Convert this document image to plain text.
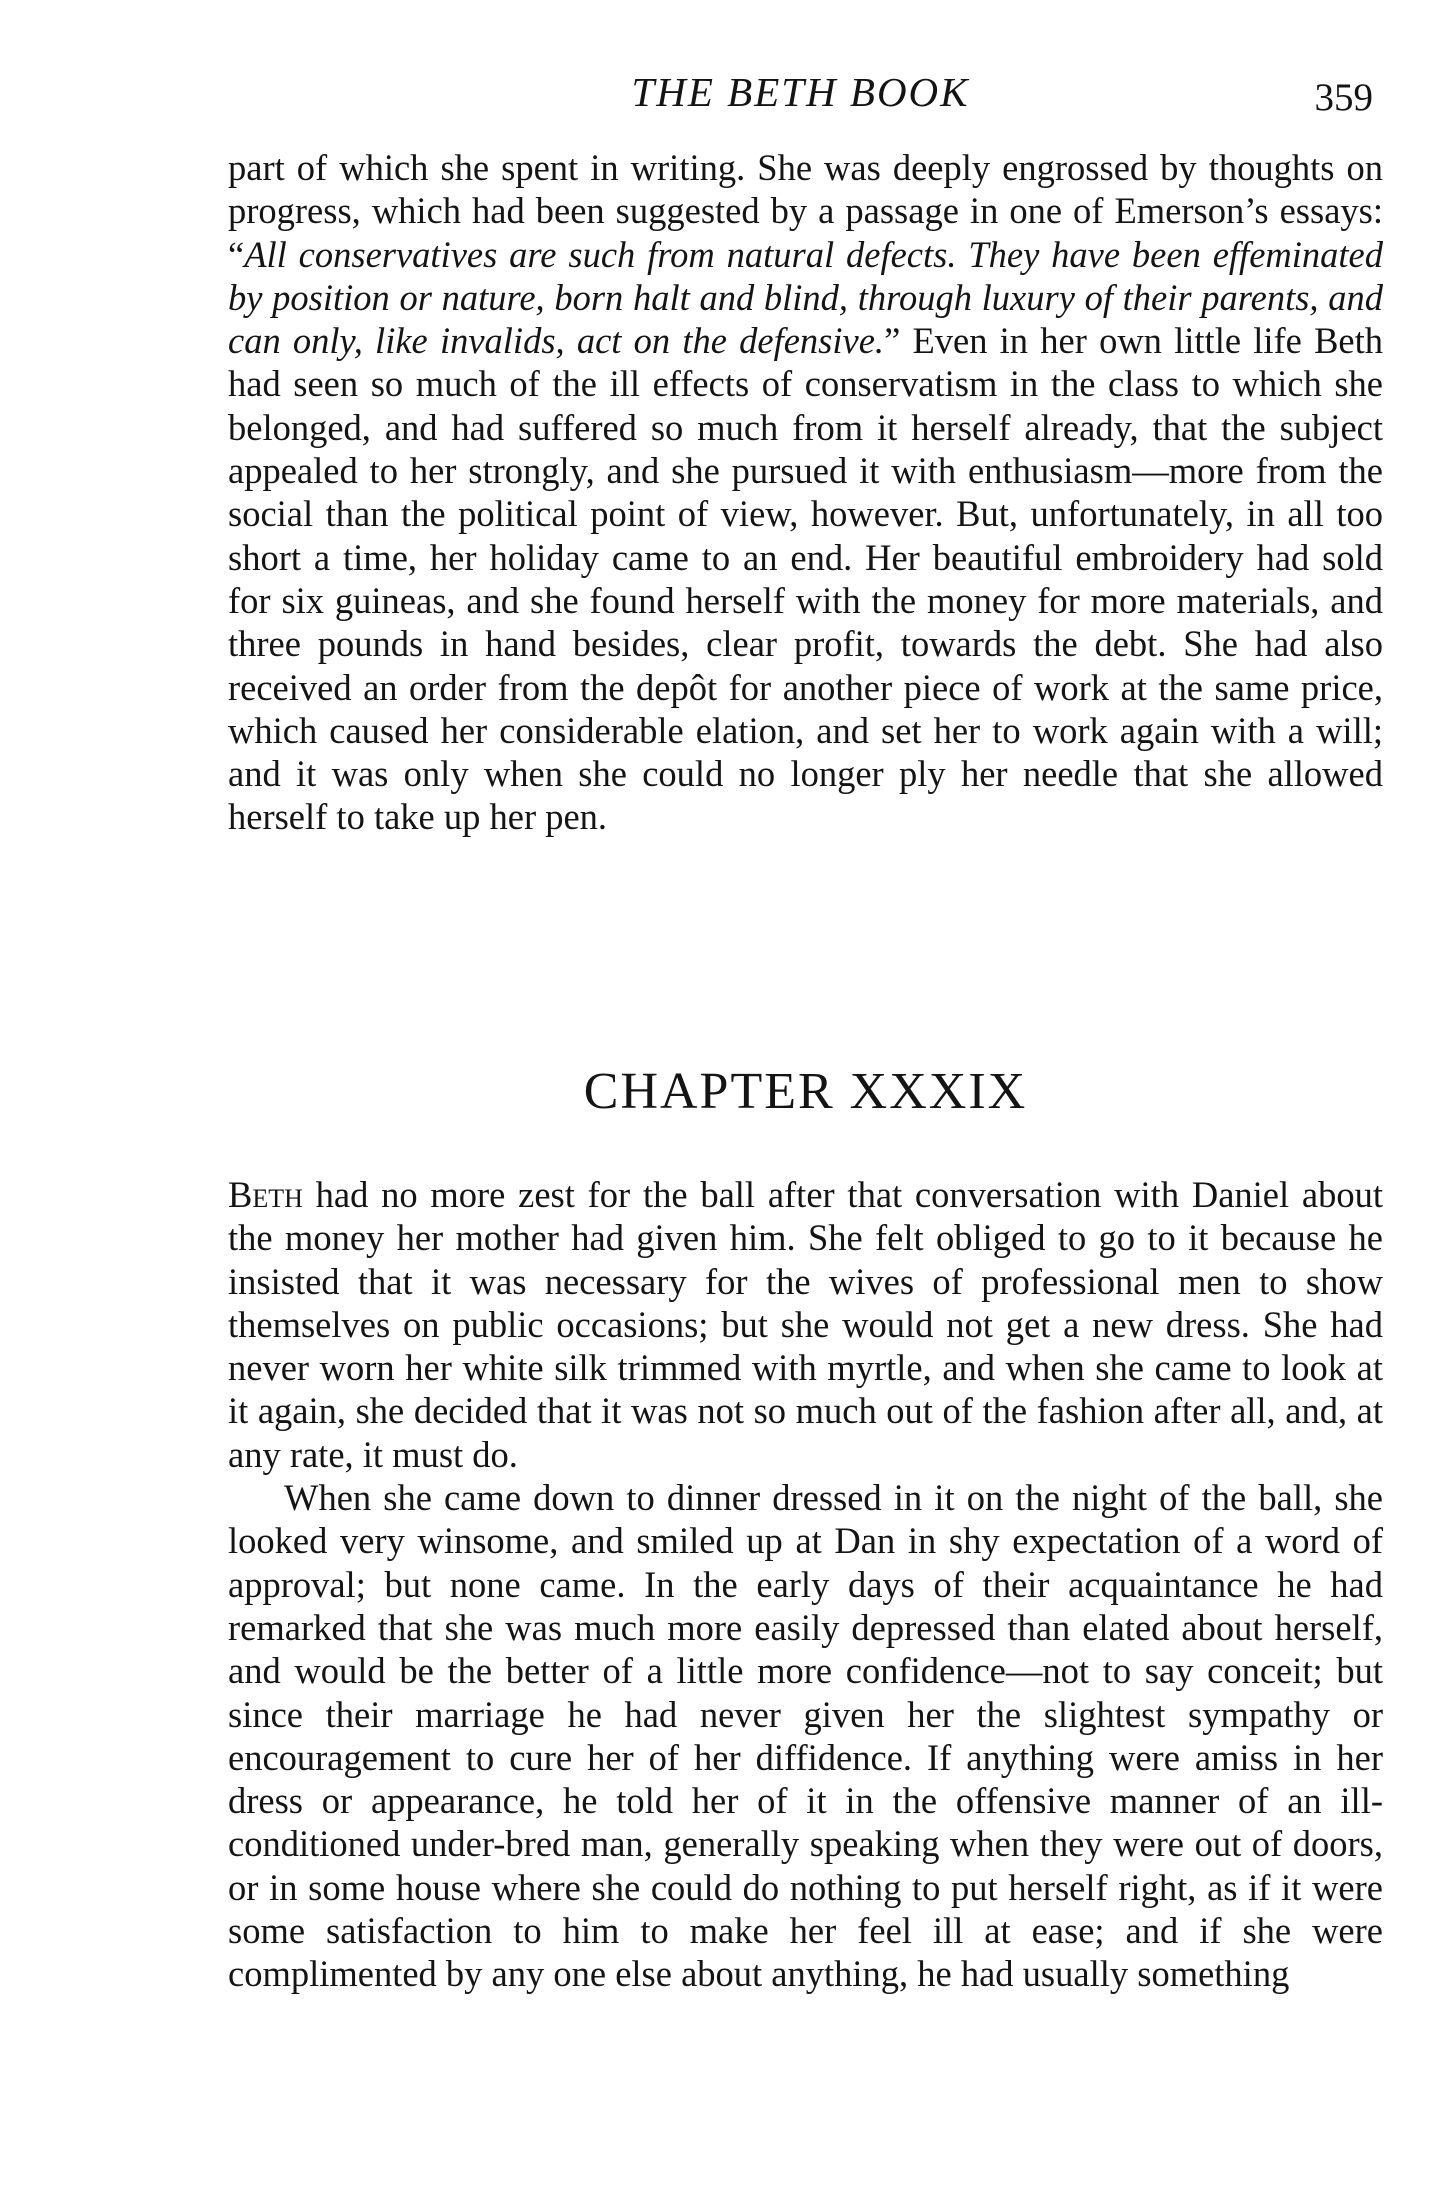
THE BETH BOOK	359

part of which she spent in writing. She was deeply engrossed by thoughts on progress, which had been suggested by a passage in one of Emerson’s essays: “All conservatives are such from natural defects. They have been effeminated by position or nature, born halt and blind, through luxury of their parents, and can only, like invalids, act on the defensive.” Even in her own little life Beth had seen so much of the ill effects of conservatism in the class to which she belonged, and had suffered so much from it herself already, that the subject appealed to her strongly, and she pursued it with enthusiasm—more from the social than the political point of view, however. But, unfortunately, in all too short a time, her holiday came to an end. Her beautiful embroidery had sold for six guineas, and she found herself with the money for more materials, and three pounds in hand besides, clear profit, towards the debt. She had also received an order from the depôt for another piece of work at the same price, which caused her considerable elation, and set her to work again with a will; and it was only when she could no longer ply her needle that she allowed herself to take up her pen.

CHAPTER XXXIX

Beth had no more zest for the ball after that conversation with Daniel about the money her mother had given him. She felt obliged to go to it because he insisted that it was necessary for the wives of professional men to show themselves on public occasions; but she would not get a new dress. She had never worn her white silk trimmed with myrtle, and when she came to look at it again, she decided that it was not so much out of the fashion after all, and, at any rate, it must do.

When she came down to dinner dressed in it on the night of the ball, she looked very winsome, and smiled up at Dan in shy expectation of a word of approval; but none came. In the early days of their acquaintance he had remarked that she was much more easily depressed than elated about herself, and would be the better of a little more confidence—not to say conceit; but since their marriage he had never given her the slightest sympathy or encouragement to cure her of her diffidence. If anything were amiss in her dress or appearance, he told her of it in the offensive manner of an ill-conditioned under-bred man, generally speaking when they were out of doors, or in some house where she could do nothing to put herself right, as if it were some satisfaction to him to make her feel ill at ease; and if she were complimented by any one else about anything, he had usually something
